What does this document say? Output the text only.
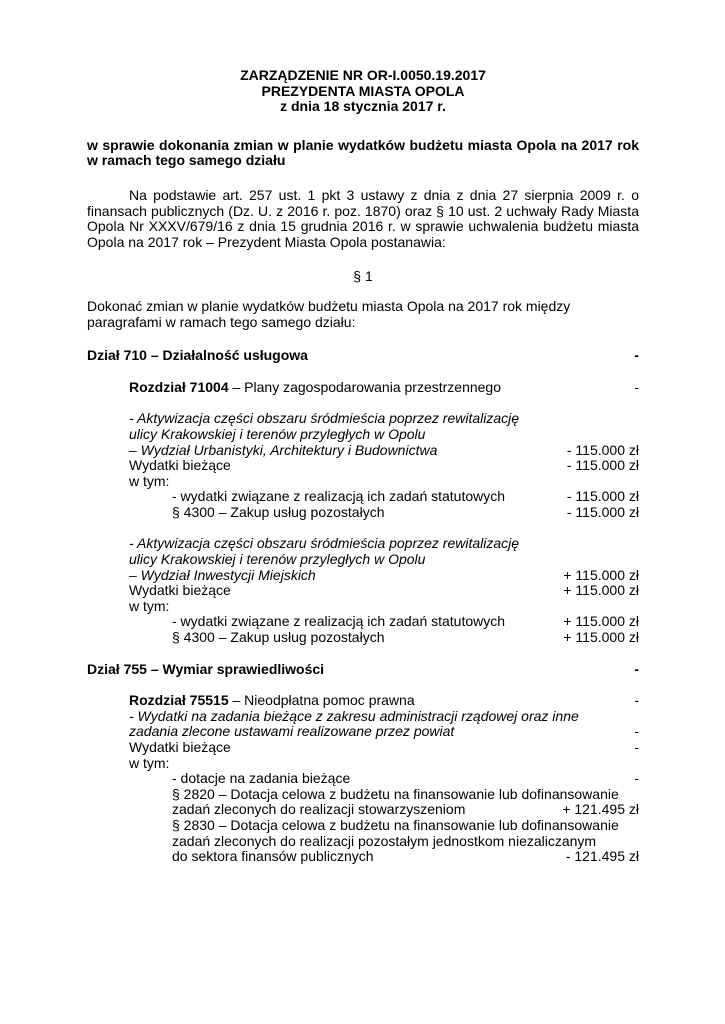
ZARZĄDZENIE NR OR-I.0050.19.2017
PREZYDENTA MIASTA OPOLA
z dnia 18 stycznia 2017 r.
w sprawie dokonania zmian w planie wydatków budżetu miasta Opola na 2017 rok w ramach tego samego działu
Na podstawie art. 257 ust. 1 pkt 3 ustawy z dnia z dnia 27 sierpnia 2009 r. o finansach publicznych (Dz. U. z 2016 r. poz. 1870) oraz § 10 ust. 2 uchwały Rady Miasta Opola Nr XXXV/679/16 z dnia 15 grudnia 2016 r. w sprawie uchwalenia budżetu miasta Opola na 2017 rok – Prezydent Miasta Opola postanawia:
§ 1
Dokonać zmian w planie wydatków budżetu miasta Opola na 2017 rok między paragrafami w ramach tego samego działu:
Dział 710 – Działalność usługowa	-
Rozdział 71004 – Plany zagospodarowania przestrzennego	-
- Aktywizacja części obszaru śródmieścia poprzez rewitalizację
ulicy Krakowskiej i terenów przyległych w Opolu
– Wydział Urbanistyki, Architektury i Budownictwa	- 115.000 zł
Wydatki bieżące	- 115.000 zł
w tym:
- wydatki związane z realizacją ich zadań statutowych	- 115.000 zł
§ 4300 – Zakup usług pozostałych	- 115.000 zł
- Aktywizacja części obszaru śródmieścia poprzez rewitalizację
ulicy Krakowskiej i terenów przyległych w Opolu
– Wydział Inwestycji Miejskich	+ 115.000 zł
Wydatki bieżące	+ 115.000 zł
w tym:
- wydatki związane z realizacją ich zadań statutowych	+ 115.000 zł
§ 4300 – Zakup usług pozostałych	+ 115.000 zł
Dział 755 – Wymiar sprawiedliwości	-
Rozdział 75515 – Nieodpłatna pomoc prawna	-
- Wydatki na zadania bieżące z zakresu administracji rządowej oraz inne
zadania zlecone ustawami realizowane przez powiat	-
Wydatki bieżące	-
w tym:
- dotacje na zadania bieżące	-
§ 2820 – Dotacja celowa z budżetu na finansowanie lub dofinansowanie
zadań zleconych do realizacji stowarzyszeniom	+ 121.495 zł
§ 2830 – Dotacja celowa z budżetu na finansowanie lub dofinansowanie
zadań zleconych do realizacji pozostałym jednostkom niezaliczanym
do sektora finansów publicznych	- 121.495 zł
